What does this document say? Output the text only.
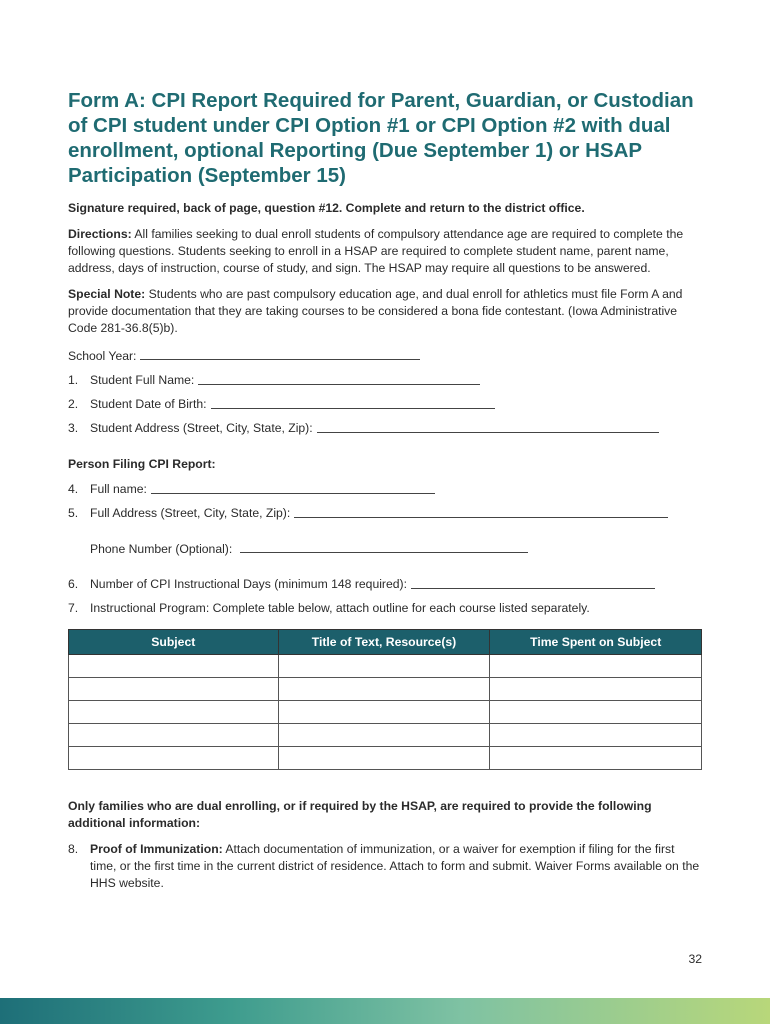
Form A: CPI Report Required for Parent, Guardian, or Custodian of CPI student under CPI Option #1 or CPI Option #2 with dual enrollment, optional Reporting (Due September 1) or HSAP Participation (September 15)
Signature required, back of page, question #12. Complete and return to the district office.

Directions: All families seeking to dual enroll students of compulsory attendance age are required to complete the following questions. Students seeking to enroll in a HSAP are required to complete student name, parent name, address, days of instruction, course of study, and sign. The HSAP may require all questions to be answered.

Special Note: Students who are past compulsory education age, and dual enroll for athletics must file Form A and provide documentation that they are taking courses to be considered a bona fide contestant. (Iowa Administrative Code 281-36.8(5)b).

School Year:
1. Student Full Name:
2. Student Date of Birth:
3. Student Address (Street, City, State, Zip):
Person Filing CPI Report:
4. Full name:
5. Full Address (Street, City, State, Zip):
Phone Number (Optional):
6. Number of CPI Instructional Days (minimum 148 required):
7. Instructional Program: Complete table below, attach outline for each course listed separately.
Subject	Title of Text, Resource(s)	Time Spent on Subject

Only families who are dual enrolling, or if required by the HSAP, are required to provide the following additional information:
8. Proof of Immunization: Attach documentation of immunization, or a waiver for exemption if filing for the first time, or the first time in the current district of residence. Attach to form and submit. Waiver Forms available on the HHS website.

32
